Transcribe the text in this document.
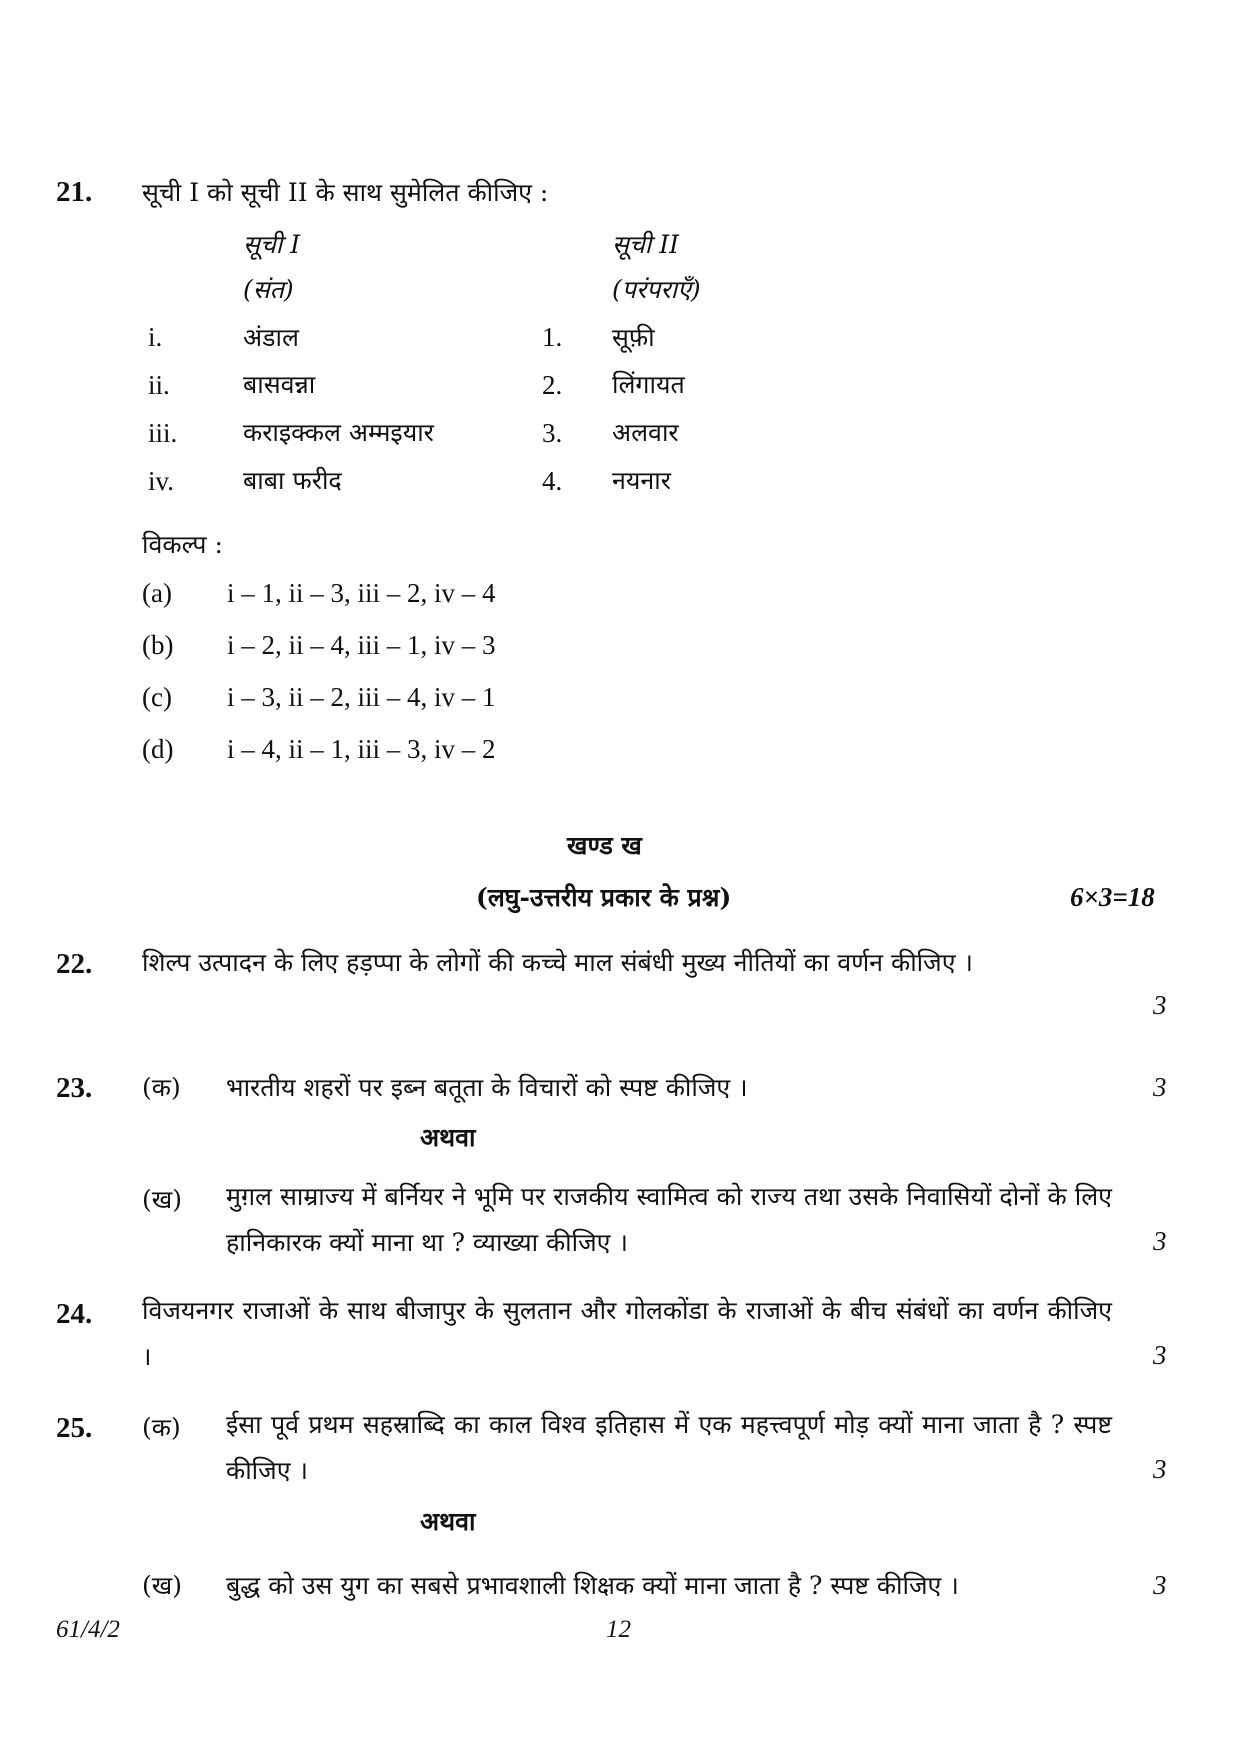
21. सूची I को सूची II के साथ सुमेलित कीजिए :
सूची I
(संत)
सूची II
(परंपराएँ)
i.	अंडाल	1. सूफ़ी
ii.	बासवन्ना	2. लिंगायत
iii.	कराइक्कल अम्मइयार	3. अलवार
iv.	बाबा फरीद	4. नयनार
विकल्प :
(a) i – 1, ii – 3, iii – 2, iv – 4
(b) i – 2, ii – 4, iii – 1, iv – 3
(c) i – 3, ii – 2, iii – 4, iv – 1
(d) i – 4, ii – 1, iii – 3, iv – 2
खण्ड ख
(लघु-उत्तरीय प्रकार के प्रश्न)	6×3=18
22. शिल्प उत्पादन के लिए हड़प्पा के लोगों की कच्चे माल संबंधी मुख्य नीतियों का वर्णन कीजिए ।
3
23. (क) भारतीय शहरों पर इब्न बतूता के विचारों को स्पष्ट कीजिए ।	3
अथवा
(ख) मुग़ल साम्राज्य में बर्नियर ने भूमि पर राजकीय स्वामित्व को राज्य तथा उसके निवासियों दोनों के लिए हानिकारक क्यों माना था ? व्याख्या कीजिए ।	3
24. विजयनगर राजाओं के साथ बीजापुर के सुलतान और गोलकोंडा के राजाओं के बीच संबंधों का वर्णन कीजिए ।	3
25. (क) ईसा पूर्व प्रथम सहस्राब्दि का काल विश्व इतिहास में एक महत्त्वपूर्ण मोड़ क्यों माना जाता है ? स्पष्ट कीजिए ।	3
अथवा
(ख) बुद्ध को उस युग का सबसे प्रभावशाली शिक्षक क्यों माना जाता है ? स्पष्ट कीजिए ।	3
61/4/2	12
